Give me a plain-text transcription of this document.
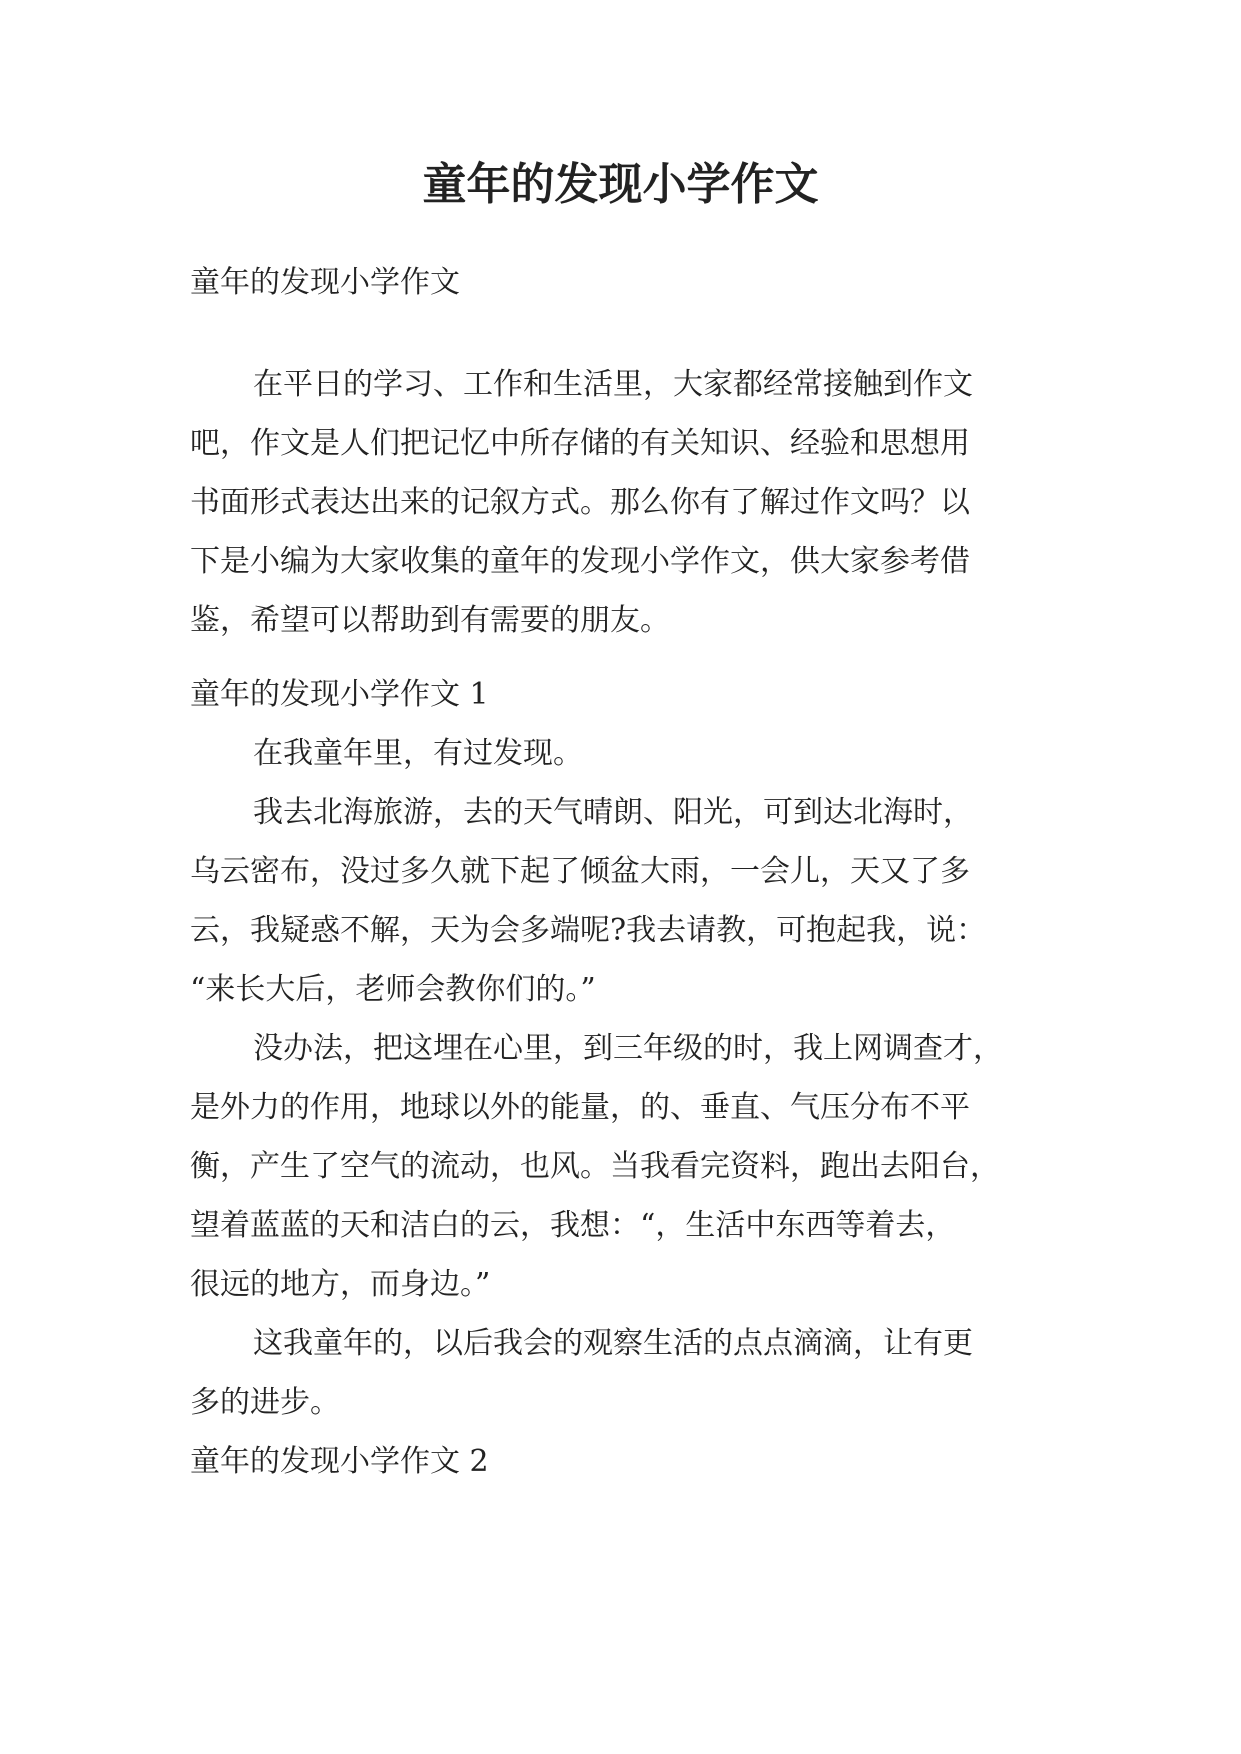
童年的发现小学作文

童年的发现小学作文

在平日的学习、工作和生活里，大家都经常接触到作文
吧，作文是人们把记忆中所存储的有关知识、经验和思想用
书面形式表达出来的记叙方式。那么你有了解过作文吗？以
下是小编为大家收集的童年的发现小学作文，供大家参考借
鉴，希望可以帮助到有需要的朋友。

童年的发现小学作文 1

在我童年里，有过发现。
我去北海旅游，去的天气晴朗、阳光，可到达北海时，
乌云密布，没过多久就下起了倾盆大雨，一会儿，天又了多
云，我疑惑不解，天为会多端呢?我去请教，可抱起我，说：
“来长大后，老师会教你们的。”
没办法，把这埋在心里，到三年级的时，我上网调查才，
是外力的作用，地球以外的能量，的、垂直、气压分布不平
衡，产生了空气的流动，也风。当我看完资料，跑出去阳台，
望着蓝蓝的天和洁白的云，我想：“，生活中东西等着去，
很远的地方，而身边。”
这我童年的，以后我会的观察生活的点点滴滴，让有更
多的进步。
童年的发现小学作文 2
